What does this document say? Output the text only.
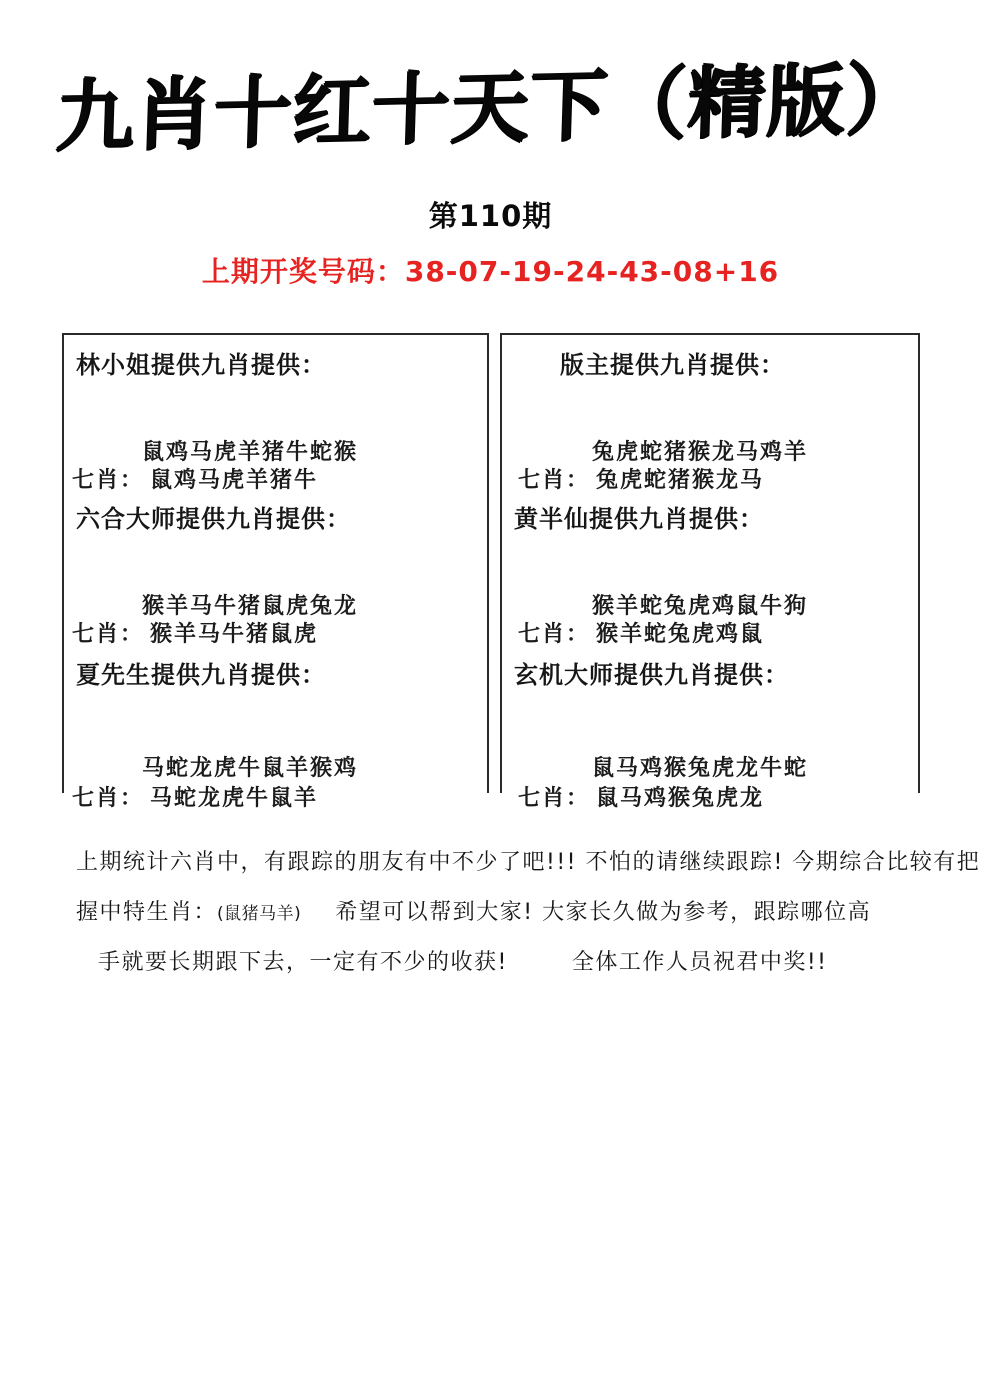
九肖十红十天下（精版）
第110期
上期开奖号码：38-07-19-24-43-08+16
林小姐提供九肖提供：
鼠鸡马虎羊猪牛蛇猴
七肖： 鼠鸡马虎羊猪牛
六合大师提供九肖提供：
猴羊马牛猪鼠虎兔龙
七肖： 猴羊马牛猪鼠虎
夏先生提供九肖提供：
马蛇龙虎牛鼠羊猴鸡
七肖： 马蛇龙虎牛鼠羊
版主提供九肖提供：
兔虎蛇猪猴龙马鸡羊
七肖： 兔虎蛇猪猴龙马
黄半仙提供九肖提供：
猴羊蛇兔虎鸡鼠牛狗
七肖： 猴羊蛇兔虎鸡鼠
玄机大师提供九肖提供：
鼠马鸡猴兔虎龙牛蛇
七肖： 鼠马鸡猴兔虎龙
上期统计六肖中，有跟踪的朋友有中不少了吧!!! 不怕的请继续跟踪! 今期综合比较有把
握中特生肖：(鼠猪马羊) 希望可以帮到大家! 大家长久做为参考，跟踪哪位高
手就要长期跟下去，一定有不少的收获!	全体工作人员祝君中奖!!
